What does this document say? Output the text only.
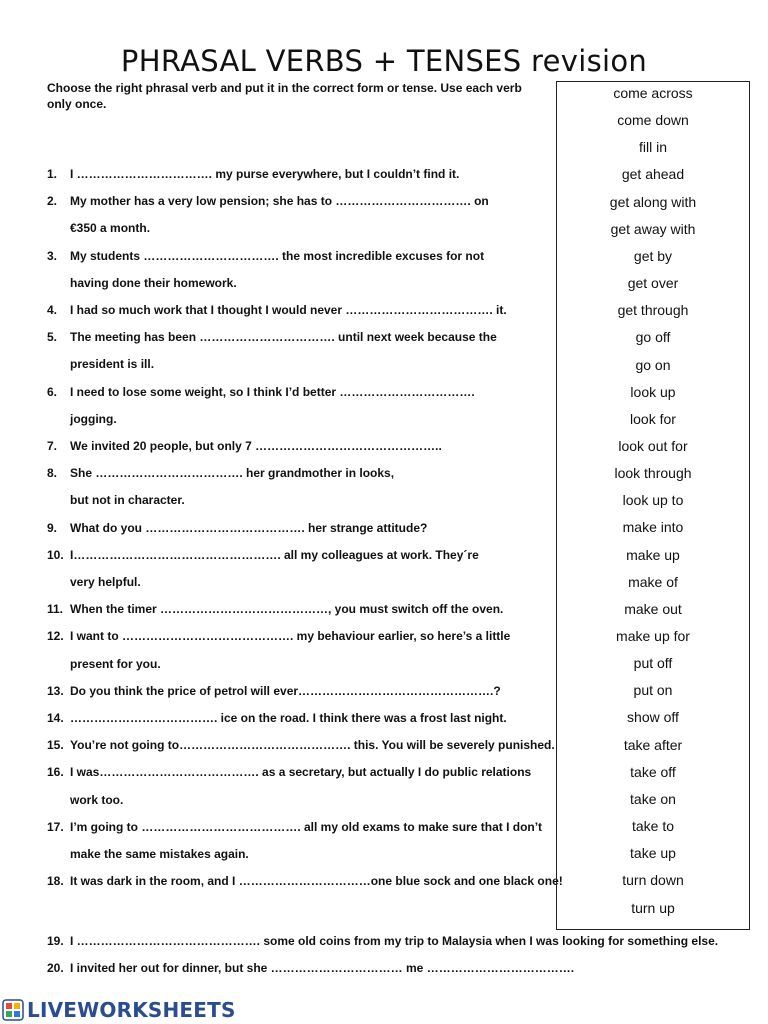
PHRASAL VERBS + TENSES revision
Choose the right phrasal verb and put it in the correct form or tense. Use each verb only once.
1. I ……………………………. my purse everywhere, but I couldn’t find it.
2. My mother has a very low pension; she has to ……………………………. on
€350 a month.
3. My students ……………………………. the most incredible excuses for not
having done their homework.
4. I had so much work that I thought I would never ………………………………. it.
5. The meeting has been ……………………………. until next week because the
president is ill.
6. I need to lose some weight, so I think I’d better …………………………….
jogging.
7. We invited 20 people, but only 7 ………………………………………..
8. She ………………………………. her grandmother in looks,
but not in character.
9. What do you …………………………………. her strange attitude?
10. I……………………………………………. all my colleagues at work. They´re
very helpful.
11. When the timer ……………………………………, you must switch off the oven.
12. I want to ……………………………………. my behaviour earlier, so here’s a little
present for you.
13. Do you think the price of petrol will ever………………………………………….?
14. ………………………………. ice on the road. I think there was a frost last night.
15. You’re not going to……………………………………. this. You will be severely punished.
16. I was…………………………………. as a secretary, but actually I do public relations
work too.
17. I’m going to …………………………………. all my old exams to make sure that I don’t
make the same mistakes again.
18. It was dark in the room, and I ……………………………one blue sock and one black one!
19. I ………………………………………. some old coins from my trip to Malaysia when I was looking for something else.
20. I invited her out for dinner, but she …………………………… me ……………………………….
come across
come down
fill in
get ahead
get along with
get away with
get by
get over
get through
go off
go on
look up
look for
look out for
look through
look up to
make into
make up
make of
make out
make up for
put off
put on
show off
take after
take off
take on
take to
take up
turn down
turn up
LIVEWORKSHEETS
